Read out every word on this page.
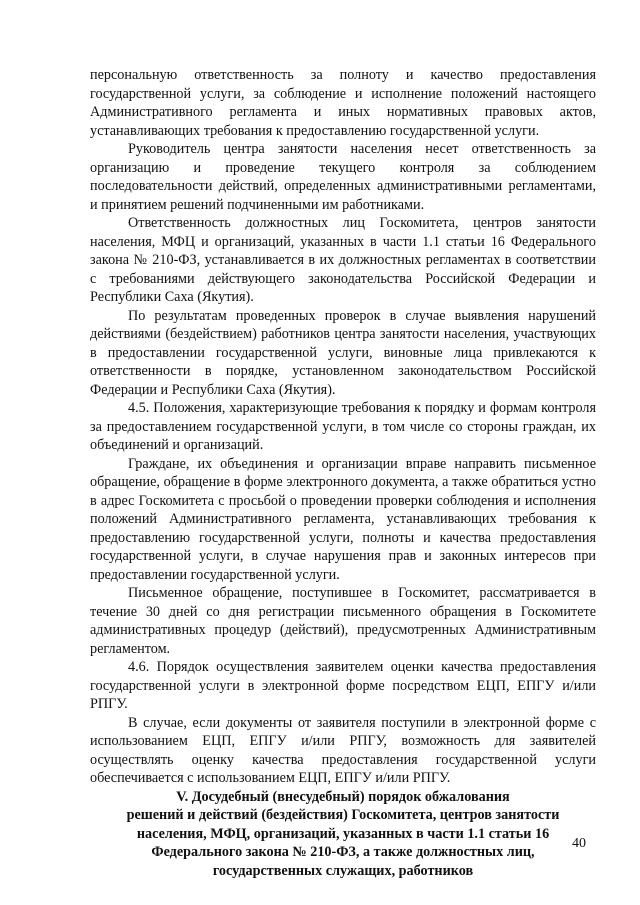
персональную ответственность за полноту и качество предоставления государственной услуги, за соблюдение и исполнение положений настоящего Административного регламента и иных нормативных правовых актов, устанавливающих требования к предоставлению государственной услуги.

Руководитель центра занятости населения несет ответственность за организацию и проведение текущего контроля за соблюдением последовательности действий, определенных административными регламентами, и принятием решений подчиненными им работниками.

Ответственность должностных лиц Госкомитета, центров занятости населения, МФЦ и организаций, указанных в части 1.1 статьи 16 Федерального закона № 210-ФЗ, устанавливается в их должностных регламентах в соответствии с требованиями действующего законодательства Российской Федерации и Республики Саха (Якутия).

По результатам проведенных проверок в случае выявления нарушений действиями (бездействием) работников центра занятости населения, участвующих в предоставлении государственной услуги, виновные лица привлекаются к ответственности в порядке, установленном законодательством Российской Федерации и Республики Саха (Якутия).

4.5. Положения, характеризующие требования к порядку и формам контроля за предоставлением государственной услуги, в том числе со стороны граждан, их объединений и организаций.

Граждане, их объединения и организации вправе направить письменное обращение, обращение в форме электронного документа, а также обратиться устно в адрес Госкомитета с просьбой о проведении проверки соблюдения и исполнения положений Административного регламента, устанавливающих требования к предоставлению государственной услуги, полноты и качества предоставления государственной услуги, в случае нарушения прав и законных интересов при предоставлении государственной услуги.

Письменное обращение, поступившее в Госкомитет, рассматривается в течение 30 дней со дня регистрации письменного обращения в Госкомитете административных процедур (действий), предусмотренных Административным регламентом.

4.6. Порядок осуществления заявителем оценки качества предоставления государственной услуги в электронной форме посредством ЕЦП, ЕПГУ и/или РПГУ.

В случае, если документы от заявителя поступили в электронной форме с использованием ЕЦП, ЕПГУ и/или РПГУ, возможность для заявителей осуществлять оценку качества предоставления государственной услуги обеспечивается с использованием ЕЦП, ЕПГУ и/или РПГУ.

V. Досудебный (внесудебный) порядок обжалования
решений и действий (бездействия) Госкомитета, центров занятости
населения, МФЦ, организаций, указанных в части 1.1 статьи 16
Федерального закона № 210-ФЗ, а также должностных лиц,
государственных служащих, работников
40
